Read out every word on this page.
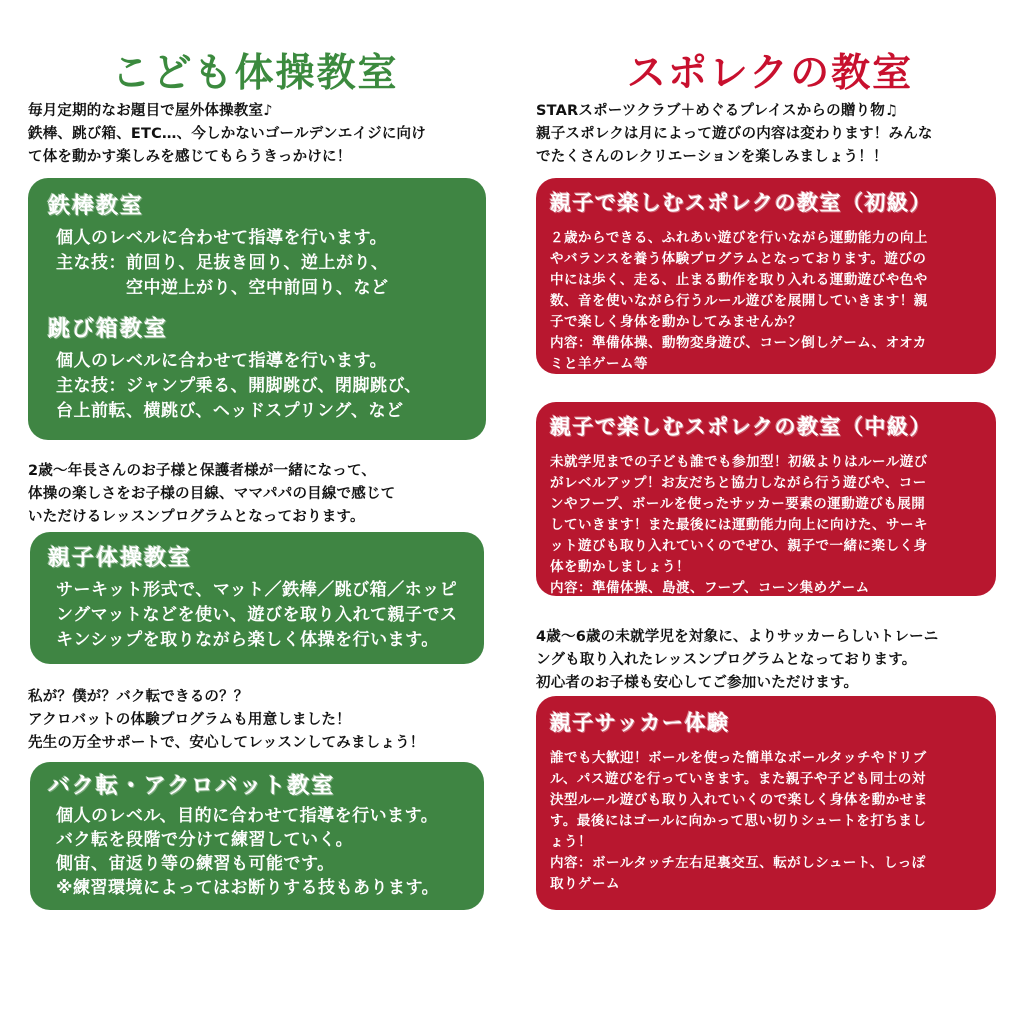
こども体操教室
毎月定期的なお題目で屋外体操教室♪
鉄棒、跳び箱、ETC…、今しかないゴールデンエイジに向け
て体を動かす楽しみを感じてもらうきっかけに！
鉄棒教室
個人のレベルに合わせて指導を行います。
主な技：前回り、足抜き回り、逆上がり、
　　　　空中逆上がり、空中前回り、など
跳び箱教室
個人のレベルに合わせて指導を行います。
主な技：ジャンプ乗る、開脚跳び、閉脚跳び、
台上前転、横跳び、ヘッドスプリング、など
2歳～年長さんのお子様と保護者様が一緒になって、
体操の楽しさをお子様の目線、ママパパの目線で感じて
いただけるレッスンプログラムとなっております。
親子体操教室
サーキット形式で、マット／鉄棒／跳び箱／ホッピ
ングマットなどを使い、遊びを取り入れて親子でス
キンシップを取りながら楽しく体操を行います。
私が？僕が？バク転できるの？？
アクロバットの体験プログラムも用意しました！
先生の万全サポートで、安心してレッスンしてみましょう！
バク転・アクロバット教室
個人のレベル、目的に合わせて指導を行います。
バク転を段階で分けて練習していく。
側宙、宙返り等の練習も可能です。
※練習環境によってはお断りする技もあります。
スポレクの教室
STARスポーツクラブ＋めぐるプレイスからの贈り物♫
親子スポレクは月によって遊びの内容は変わります！みんな
でたくさんのレクリエーションを楽しみましょう！！
親子で楽しむスポレクの教室（初級）
２歳からできる、ふれあい遊びを行いながら運動能力の向上
やバランスを養う体験プログラムとなっております。遊びの
中には歩く、走る、止まる動作を取り入れる運動遊びや色や
数、音を使いながら行うルール遊びを展開していきます！親
子で楽しく身体を動かしてみませんか？
内容：準備体操、動物変身遊び、コーン倒しゲーム、オオカ
ミと羊ゲーム等
親子で楽しむスポレクの教室（中級）
未就学児までの子ども誰でも参加型！初級よりはルール遊び
がレベルアップ！お友だちと協力しながら行う遊びや、コー
ンやフープ、ボールを使ったサッカー要素の運動遊びも展開
していきます！また最後には運動能力向上に向けた、サーキ
ット遊びも取り入れていくのでぜひ、親子で一緒に楽しく身
体を動かしましょう！
内容：準備体操、島渡、フープ、コーン集めゲーム
4歳～6歳の未就学児を対象に、よりサッカーらしいトレーニ
ングも取り入れたレッスンプログラムとなっております。
初心者のお子様も安心してご参加いただけます。
親子サッカー体験
誰でも大歓迎！ボールを使った簡単なボールタッチやドリブ
ル、パス遊びを行っていきます。また親子や子ども同士の対
決型ルール遊びも取り入れていくので楽しく身体を動かせま
す。最後にはゴールに向かって思い切りシュートを打ちまし
ょう！
内容：ボールタッチ左右足裏交互、転がしシュート、しっぽ
取りゲーム
